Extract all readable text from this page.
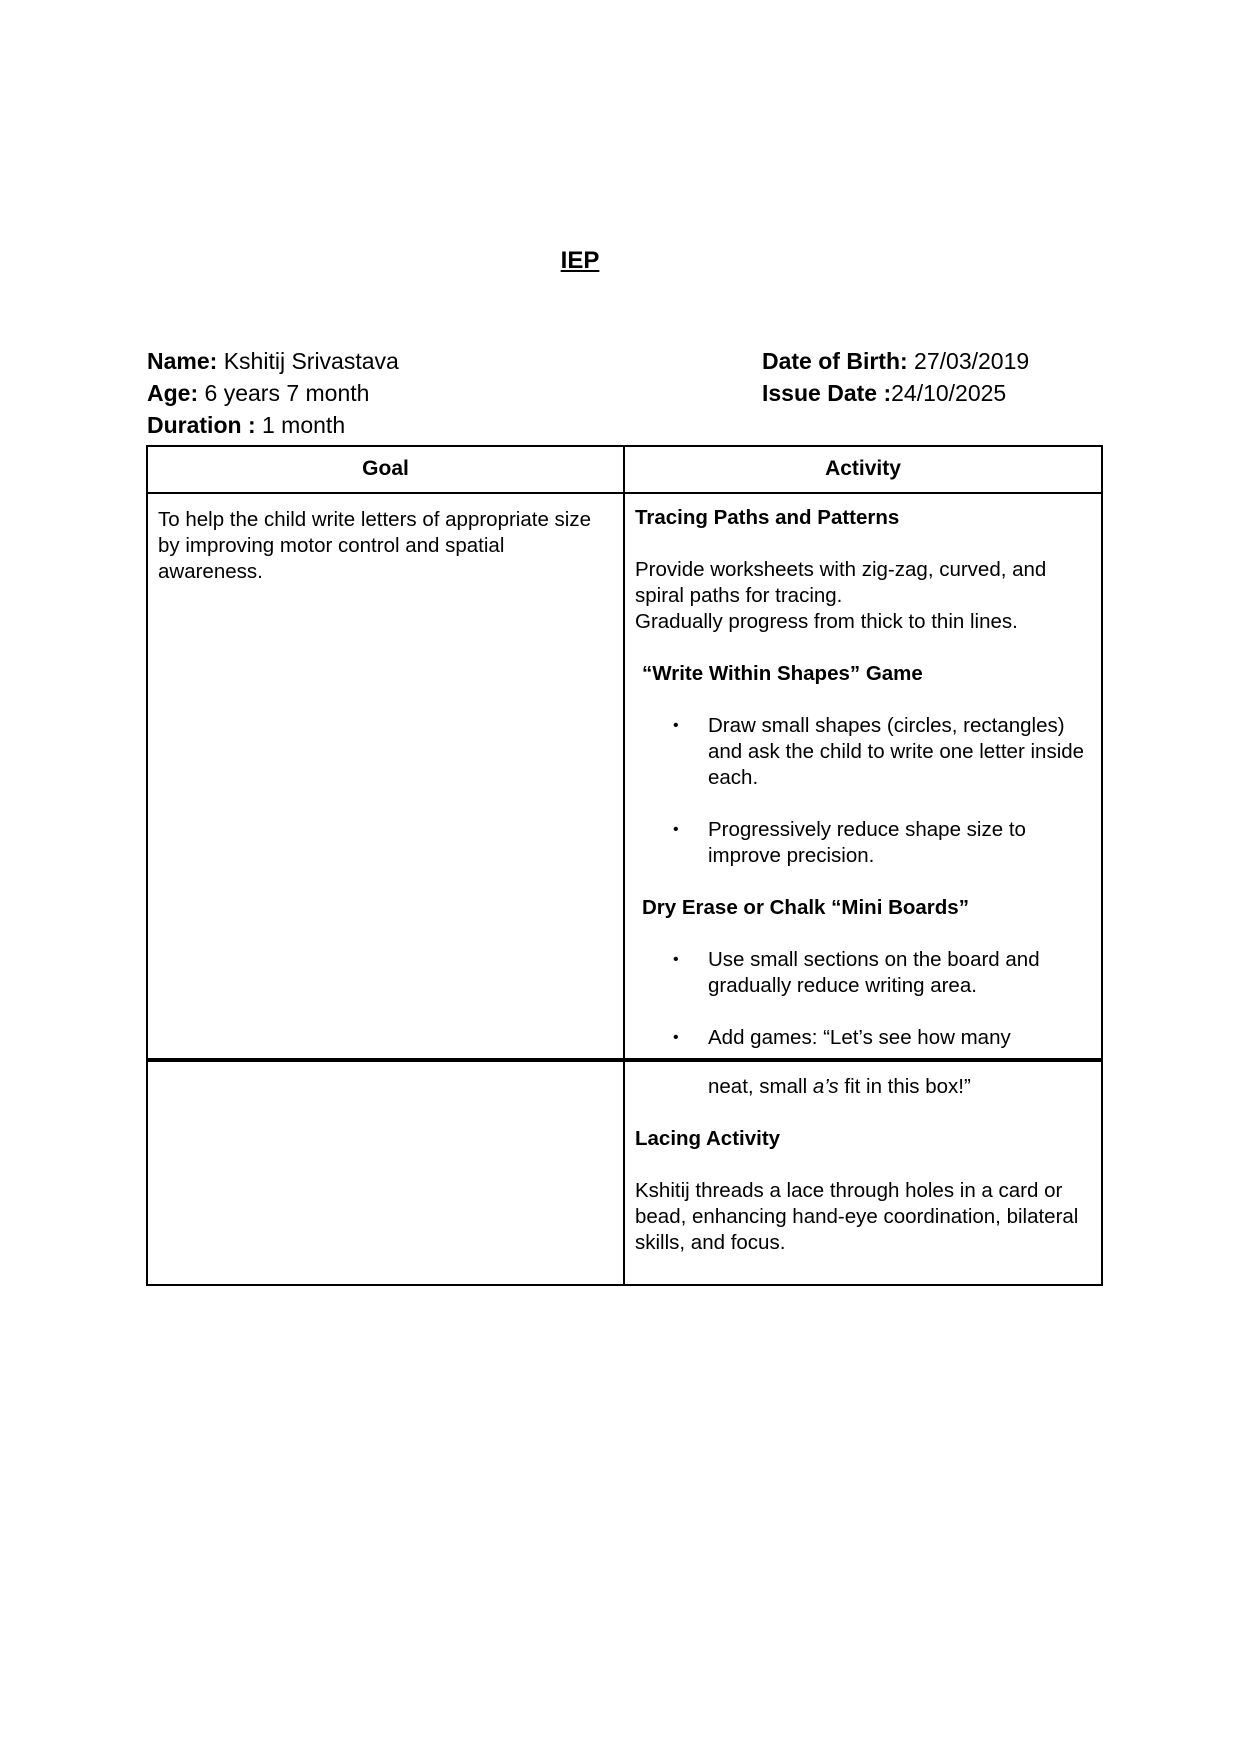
IEP
Name: Kshitij Srivastava
Age: 6 years 7 month
Duration : 1 month
Date of Birth: 27/03/2019
Issue Date :24/10/2025
Goal	Activity

To help the child write letters of appropriate size by improving motor control and spatial awareness.

Tracing Paths and Patterns

Provide worksheets with zig-zag, curved, and spiral paths for tracing.

Gradually progress from thick to thin lines.

“Write Within Shapes” Game

• Draw small shapes (circles, rectangles) and ask the child to write one letter inside each.

• Progressively reduce shape size to improve precision.

Dry Erase or Chalk “Mini Boards”

• Use small sections on the board and gradually reduce writing area.

• Add games: “Let’s see how many

neat, small a’s fit in this box!”

Lacing Activity

Kshitij threads a lace through holes in a card or bead, enhancing hand-eye coordination, bilateral skills, and focus.
